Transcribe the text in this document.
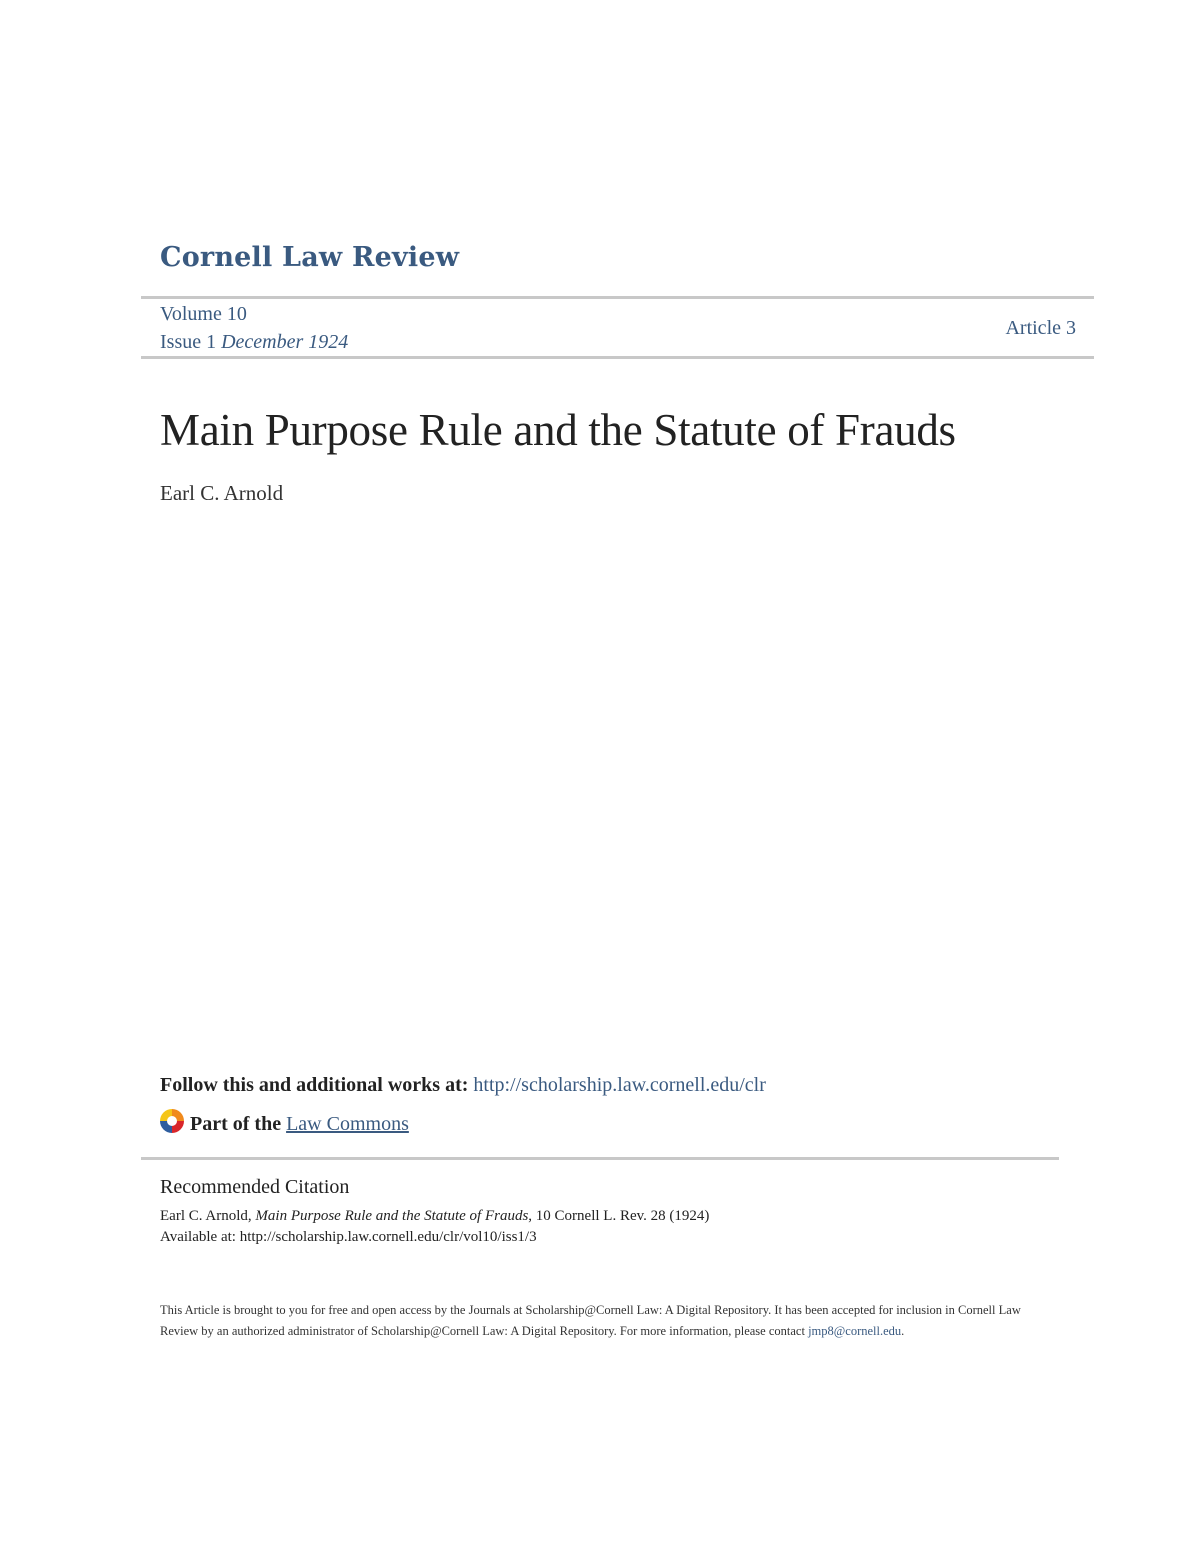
Cornell Law Review
Volume 10
Issue 1 December 1924
Article 3
Main Purpose Rule and the Statute of Frauds
Earl C. Arnold
Follow this and additional works at: http://scholarship.law.cornell.edu/clr
Part of the Law Commons
Recommended Citation
Earl C. Arnold, Main Purpose Rule and the Statute of Frauds, 10 Cornell L. Rev. 28 (1924)
Available at: http://scholarship.law.cornell.edu/clr/vol10/iss1/3
This Article is brought to you for free and open access by the Journals at Scholarship@Cornell Law: A Digital Repository. It has been accepted for inclusion in Cornell Law Review by an authorized administrator of Scholarship@Cornell Law: A Digital Repository. For more information, please contact jmp8@cornell.edu.
